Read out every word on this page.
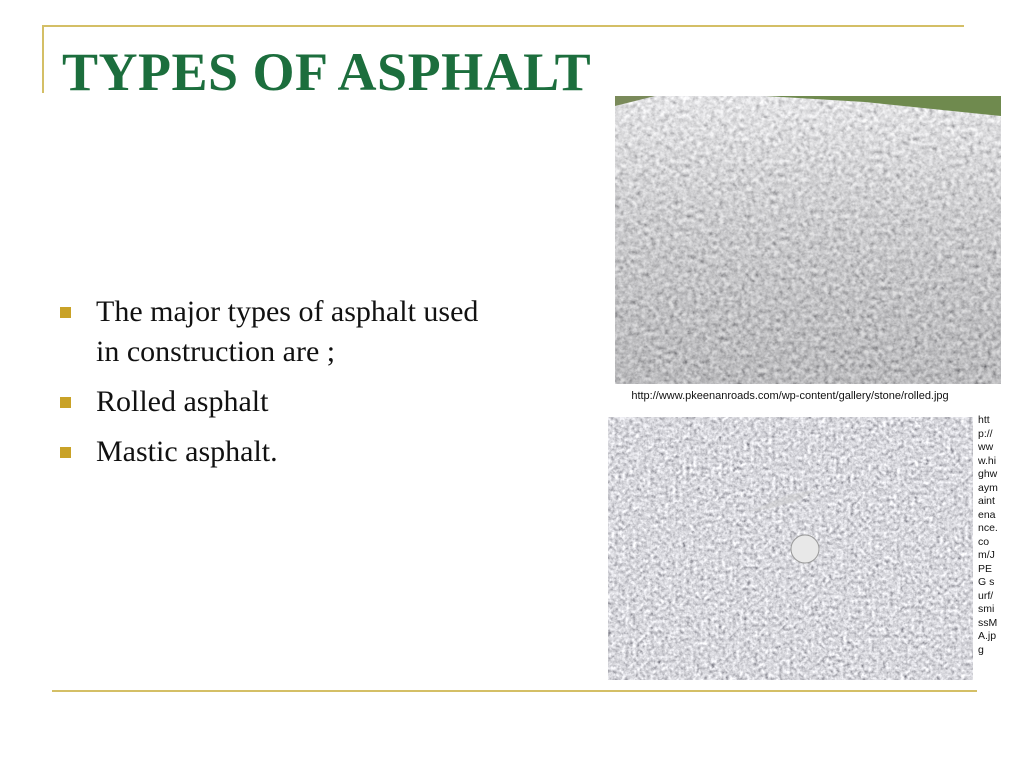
TYPES OF ASPHALT
The major types of asphalt used in construction are ;
Rolled asphalt
Mastic asphalt.
http://www.pkeenanroads.com/wp-content/gallery/stone/rolled.jpg
http://www.highwaymaintenance.com/JPEG surf/smissMA.jpg
